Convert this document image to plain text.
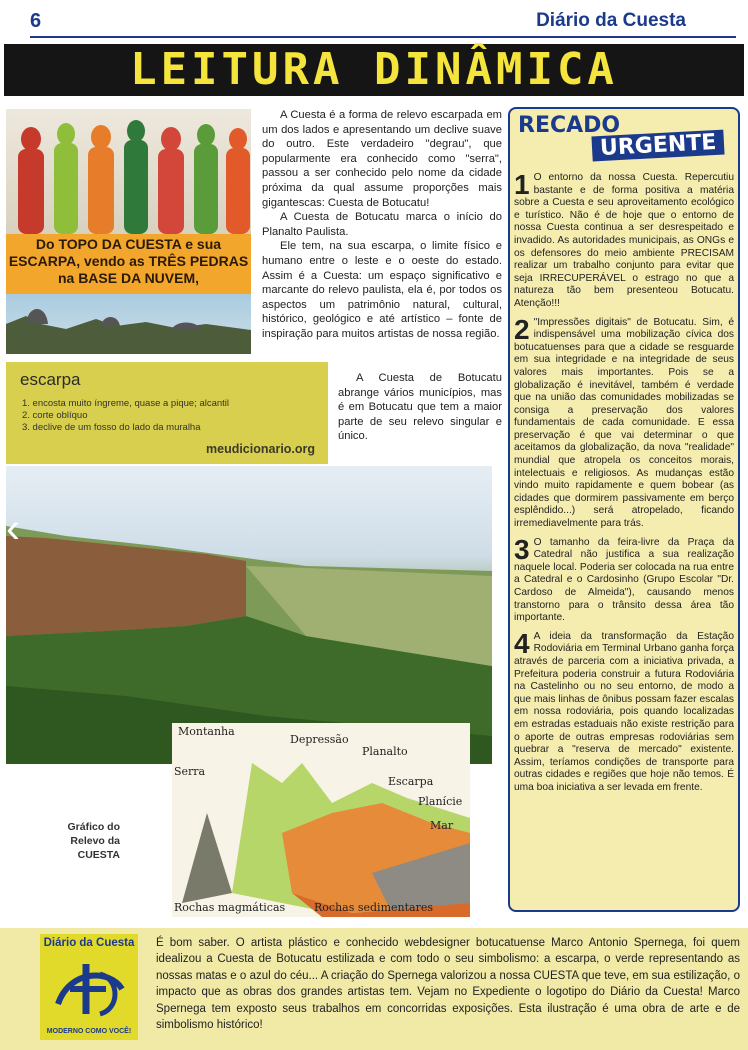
6	Diário da Cuesta
LEITURA DINÂMICA
Do TOPO DA CUESTA e sua ESCARPA, vendo as TRÊS PEDRAS na BASE DA NUVEM,
escarpa
1. encosta muito íngreme, quase a pique; alcantil
2. corte oblíquo
3. declive de um fosso do lado da muralha
meudicionario.org

A Cuesta é a forma de relevo escarpada em um dos lados e apresentando um declive suave do outro. Este verdadeiro "degrau", que popularmente era conhecido como "serra", passou a ser conhecido pelo nome da cidade próxima da qual assume proporções mais gigantescas: Cuesta de Botucatu!

A Cuesta de Botucatu marca o início do Planalto Paulista.

Ele tem, na sua escarpa, o limite físico e humano entre o leste e o oeste do estado. Assim é a Cuesta: um espaço significativo e marcante do relevo paulista, ela é, por todos os aspectos um patrimônio natural, cultural, histórico, geológico e até artístico – fonte de inspiração para muitos artistas de nossa região.

A Cuesta de Botucatu abrange vários municípios, mas é em Botucatu que tem a maior parte de seu relevo singular e único.

‹
Montanha
Depressão
Planalto
Serra
Escarpa
Planície
Mar
Rochas magmáticas	Rochas sedimentares
Gráfico do Relevo da CUESTA
RECADO
URGENTE

1 O entorno da nossa Cuesta. Repercutiu bastante e de forma positiva a matéria sobre a Cuesta e seu aproveitamento ecológico e turístico. Não é de hoje que o entorno de nossa Cuesta continua a ser desrespeitado e invadido. As autoridades municipais, as ONGs e os defensores do meio ambiente PRECISAM realizar um trabalho conjunto para evitar que seja IRRECUPERÁVEL o estrago no que a natureza tão bem presenteou Botucatu. Atenção!!!

2 "Impressões digitais" de Botucatu. Sim, é indispensável uma mobilização cívica dos botucatuenses para que a cidade se resguarde em sua integridade e na integridade de seus valores mais importantes. Pois se a globalização é inevitável, também é verdade que na união das comunidades mobilizadas se consiga a preservação dos valores fundamentais de cada comunidade. E essa preservação é que vai determinar o que aceitamos da globalização, da nova "realidade" mundial que atropela os conceitos morais, intelectuais e religiosos. As mudanças estão vindo muito rapidamente e quem bobear (as cidades que dormirem passivamente em berço esplêndido...) será atropelado, ficando irremediavelmente para trás.

3 O tamanho da feira-livre da Praça da Catedral não justifica a sua realização naquele local. Poderia ser colocada na rua entre a Catedral e o Cardosinho (Grupo Escolar "Dr. Cardoso de Almeida"), causando menos transtorno para o trânsito dessa área tão importante.

4 A ideia da transformação da Estação Rodoviária em Terminal Urbano ganha força através de parceria com a iniciativa privada, a Prefeitura poderia construir a futura Rodoviária na Castelinho ou no seu entorno, de modo a que mais linhas de ônibus possam fazer escalas em nossa rodoviária, pois quando localizadas em estradas estaduais não existe restrição para o aporte de outras empresas rodoviárias sem quebrar a "reserva de mercado" existente. Assim, teríamos condições de transporte para outras cidades e regiões que hoje não temos. É uma boa iniciativa a ser levada em frente.

Diário da Cuesta
MODERNO COMO VOCÊ!
É bom saber. O artista plástico e conhecido webdesigner botucatuense Marco Antonio Spernega, foi quem idealizou a Cuesta de Botucatu estilizada e com todo o seu simbolismo: a escarpa, o verde representando as nossas matas e o azul do céu... A criação do Spernega valorizou a nossa CUESTA que teve, em sua estilização, o impacto que as obras dos grandes artistas tem. Vejam no Expediente o logotipo do Diário da Cuesta! Marco Spernega tem exposto seus trabalhos em concorridas exposições. Esta ilustração é uma obra de arte e de simbolismo histórico!
